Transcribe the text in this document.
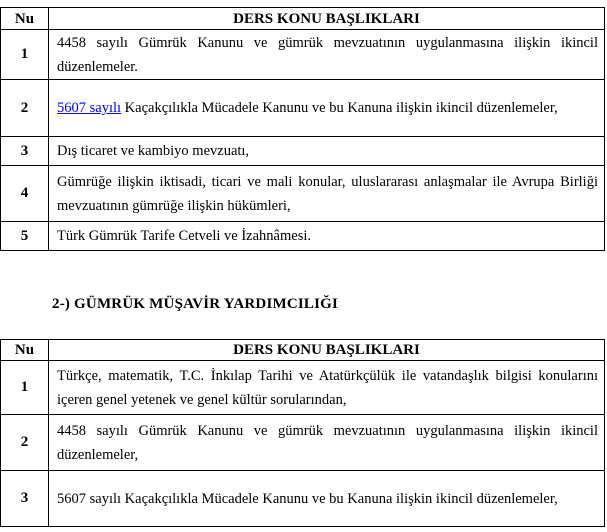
Nu	DERS KONU BAŞLIKLARI
1	4458 sayılı Gümrük Kanunu ve gümrük mevzuatının uygulanmasına ilişkin ikincil düzenlemeler.
2	5607 sayılı Kaçakçılıkla Mücadele Kanunu ve bu Kanuna ilişkin ikincil düzenlemeler,
3	Dış ticaret ve kambiyo mevzuatı,
4	Gümrüğe ilişkin iktisadi, ticari ve mali konular, uluslararası anlaşmalar ile Avrupa Birliği mevzuatının gümrüğe ilişkin hükümleri,
5	Türk Gümrük Tarife Cetveli ve İzahnâmesi.
2-) GÜMRÜK MÜŞAVİR YARDIMCILIĞI
Nu	DERS KONU BAŞLIKLARI
1	Türkçe, matematik, T.C. İnkılap Tarihi ve Atatürkçülük ile vatandaşlık bilgisi konularını içeren genel yetenek ve genel kültür sorularından,
2	4458 sayılı Gümrük Kanunu ve gümrük mevzuatının uygulanmasına ilişkin ikincil düzenlemeler,
3	5607 sayılı Kaçakçılıkla Mücadele Kanunu ve bu Kanuna ilişkin ikincil düzenlemeler,
